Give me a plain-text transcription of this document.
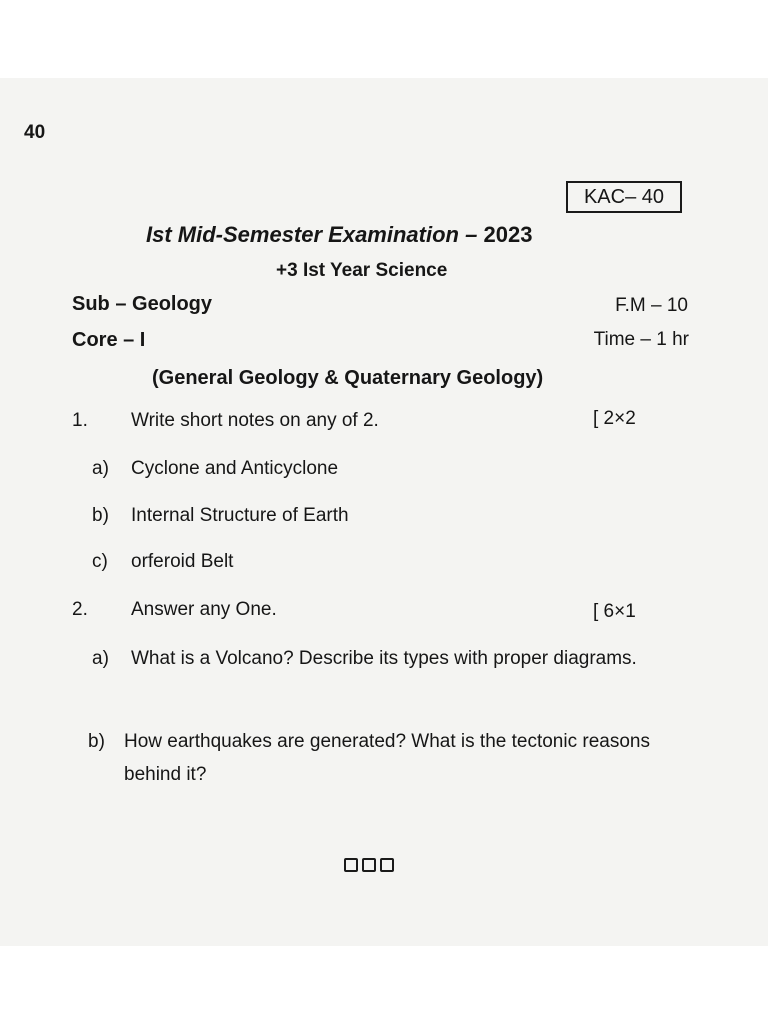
40
KAC– 40
Ist Mid-Semester Examination – 2023
+3 Ist Year Science
Sub – Geology	F.M – 10
Core – I	Time – 1 hr
(General Geology & Quaternary Geology)
1. Write short notes on any of 2.	[ 2×2
a) Cyclone and Anticyclone
b) Internal Structure of Earth
c) orferoid Belt
2. Answer any One.	[ 6×1
a) What is a Volcano? Describe its types with proper diagrams.
b) How earthquakes are generated? What is the tectonic reasons behind it?
